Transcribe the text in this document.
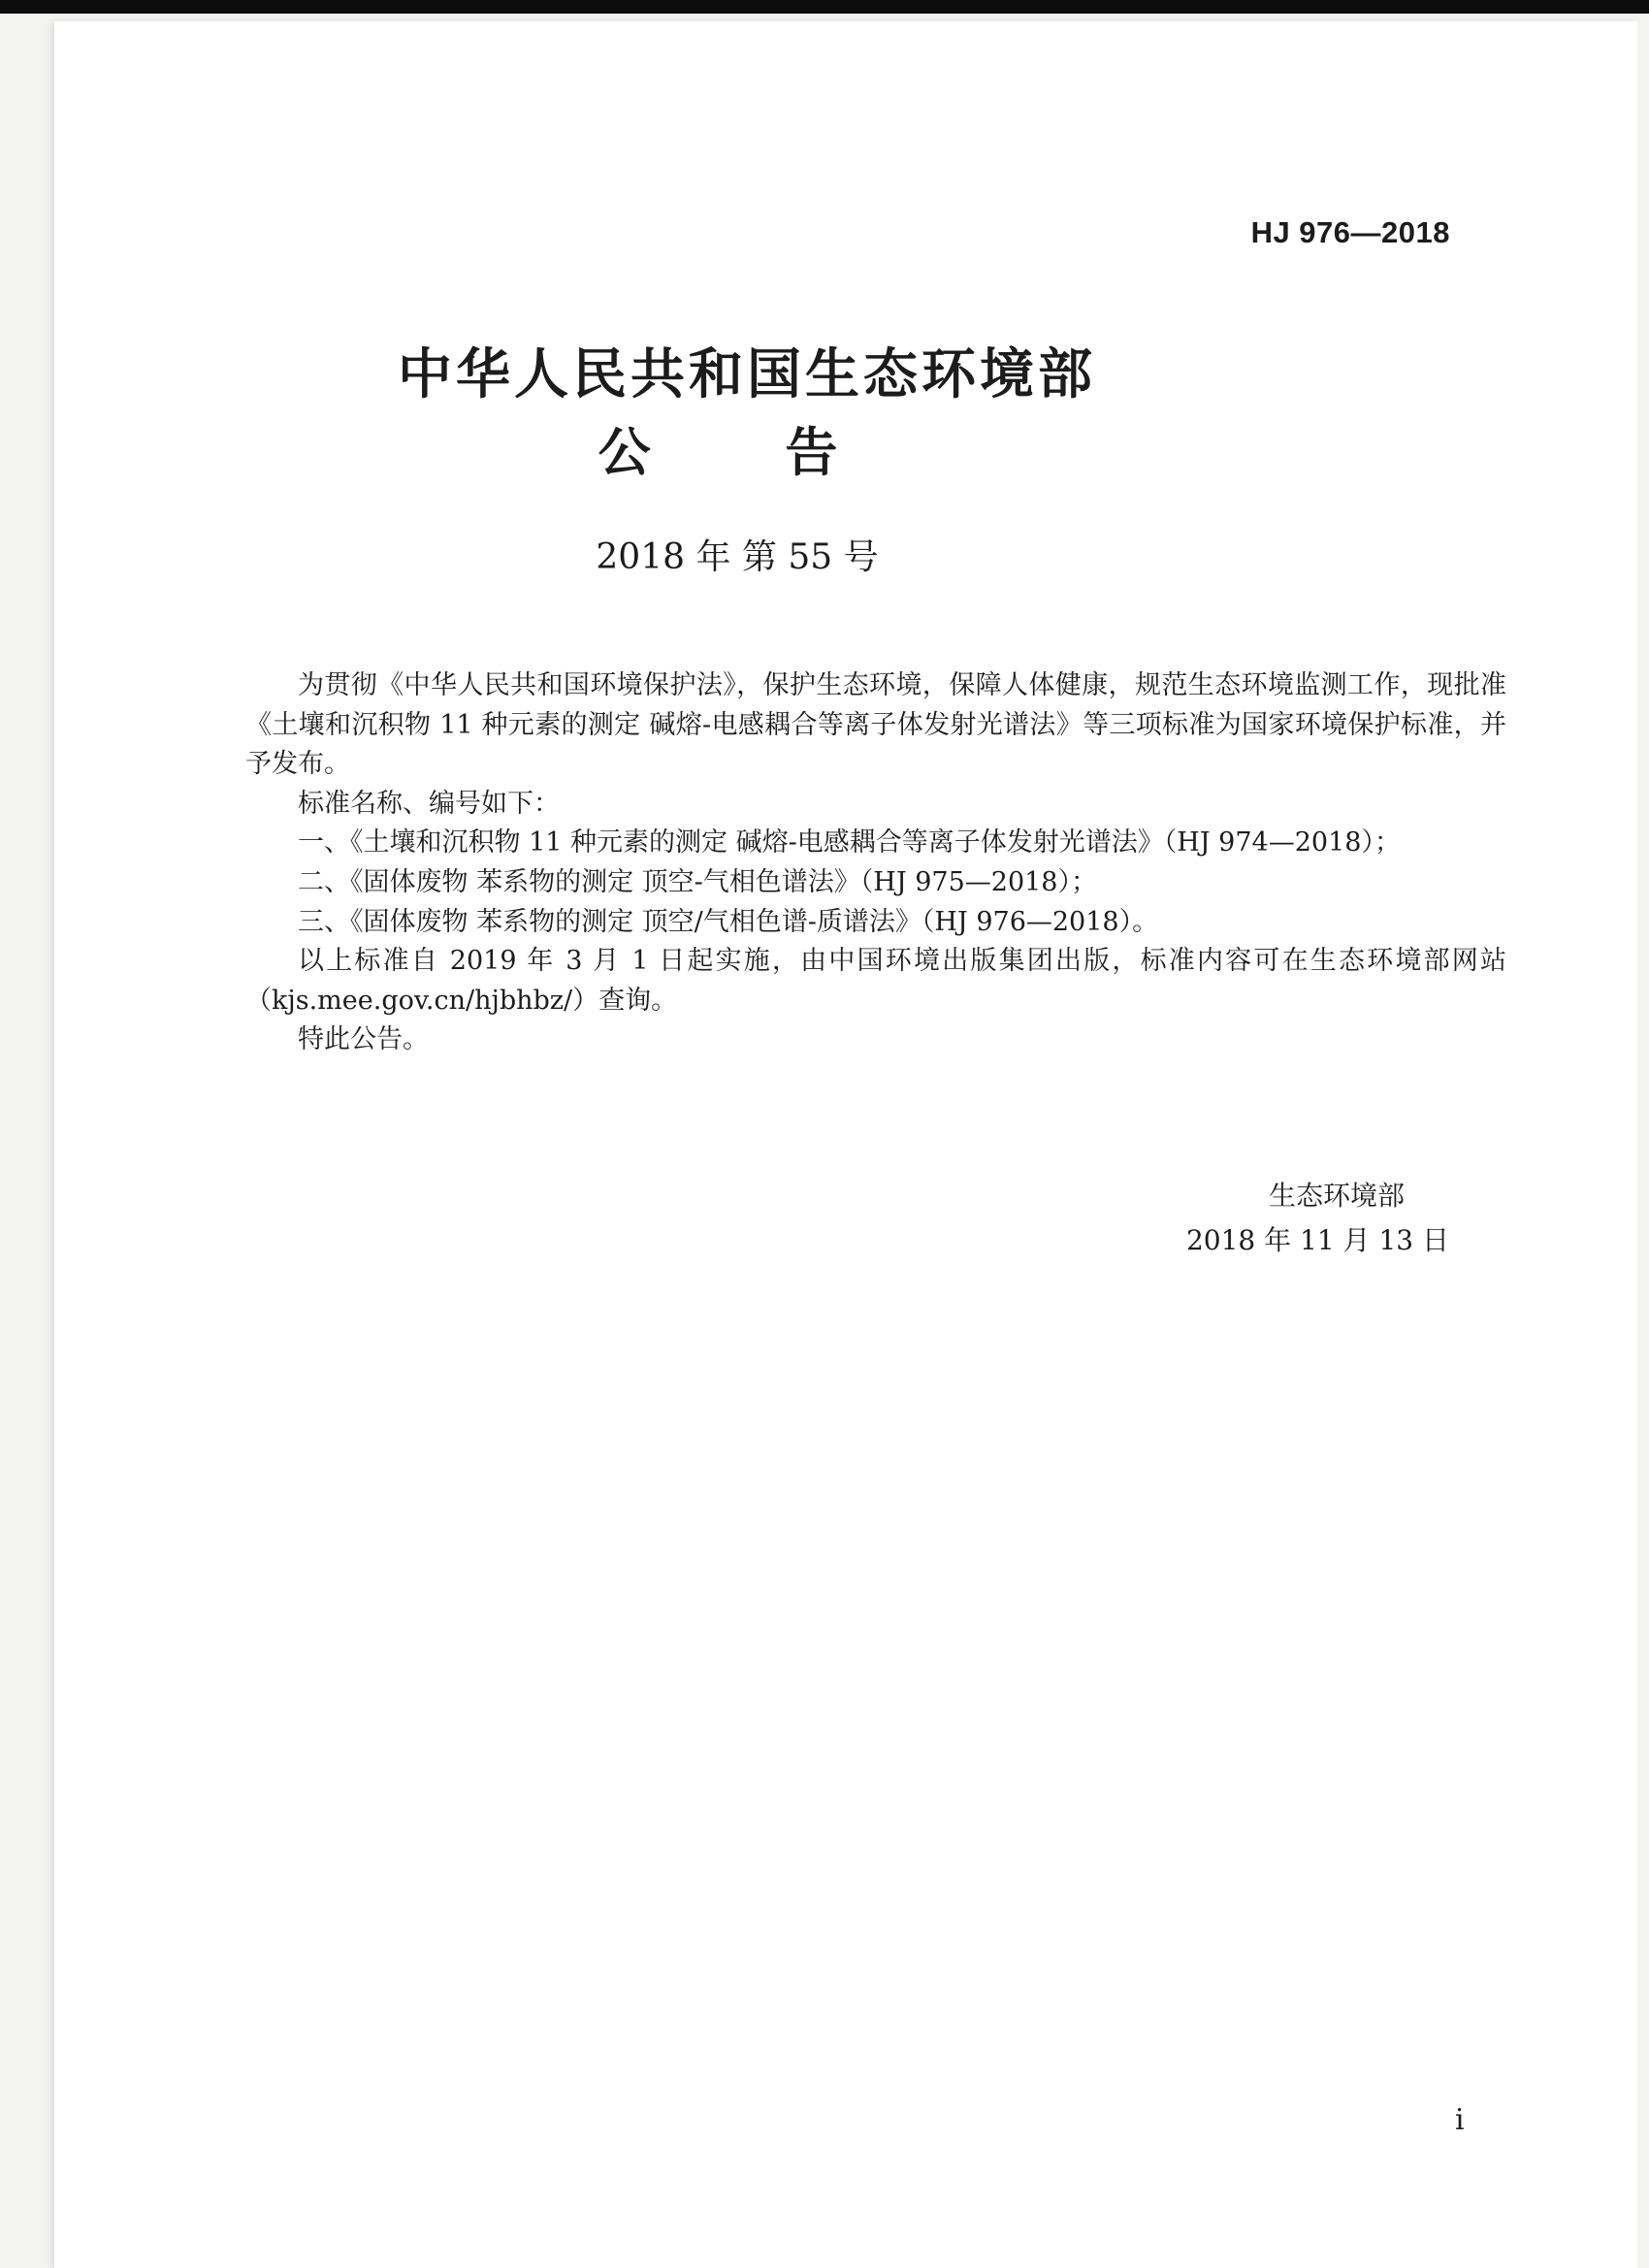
HJ 976—2018
中华人民共和国生态环境部
公 告
2018 年 第 55 号

为贯彻《中华人民共和国环境保护法》，保护生态环境，保障人体健康，规范生态环境监测工作，现批准《土壤和沉积物 11 种元素的测定 碱熔-电感耦合等离子体发射光谱法》等三项标准为国家环境保护标准，并予发布。

标准名称、编号如下：

一、《土壤和沉积物 11 种元素的测定 碱熔-电感耦合等离子体发射光谱法》（HJ 974—2018）；

二、《固体废物 苯系物的测定 顶空-气相色谱法》（HJ 975—2018）；

三、《固体废物 苯系物的测定 顶空/气相色谱-质谱法》（HJ 976—2018）。

以上标准自 2019 年 3 月 1 日起实施，由中国环境出版集团出版，标准内容可在生态环境部网站（kjs.mee.gov.cn/hjbhbz/）查询。

特此公告。

生态环境部
2018 年 11 月 13 日
i
